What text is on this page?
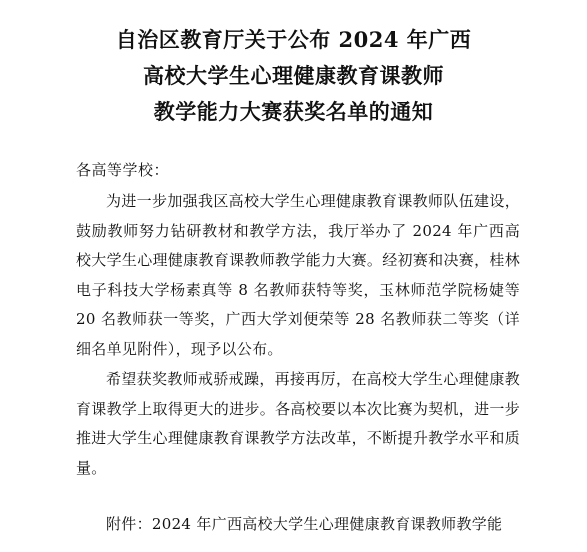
自治区教育厅关于公布 2024 年广西
高校大学生心理健康教育课教师
教学能力大赛获奖名单的通知
各高等学校：
为进一步加强我区高校大学生心理健康教育课教师队伍建设，鼓励教师努力钻研教材和教学方法，我厅举办了 2024 年广西高校大学生心理健康教育课教师教学能力大赛。经初赛和决赛，桂林电子科技大学杨素真等 8 名教师获特等奖，玉林师范学院杨婕等 20 名教师获一等奖，广西大学刘便荣等 28 名教师获二等奖（详细名单见附件），现予以公布。
希望获奖教师戒骄戒躁，再接再厉，在高校大学生心理健康教育课教学上取得更大的进步。各高校要以本次比赛为契机，进一步推进大学生心理健康教育课教学方法改革，不断提升教学水平和质量。
附件：2024 年广西高校大学生心理健康教育课教师教学能
